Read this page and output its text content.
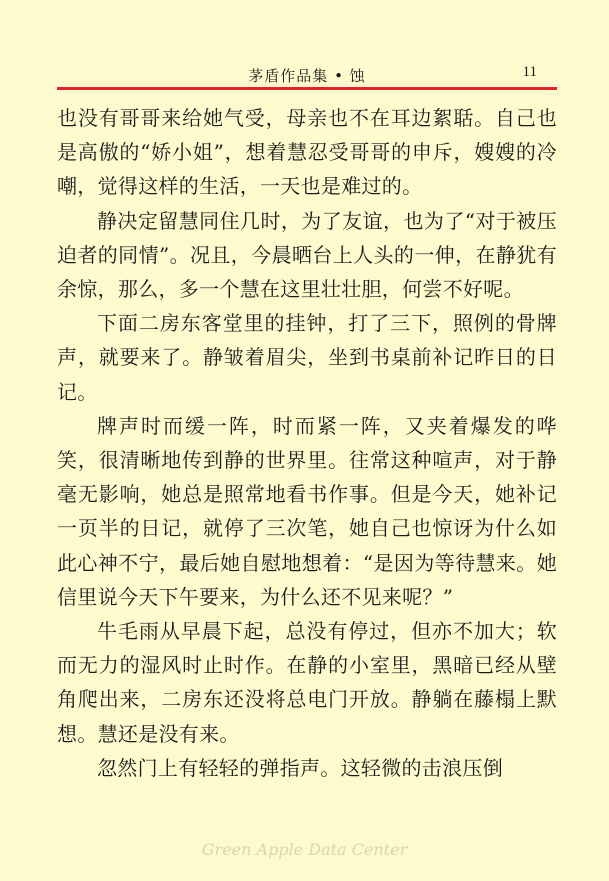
茅盾作品集 • 蚀	11

也没有哥哥来给她气受，母亲也不在耳边絮聒。自己也是高傲的“娇小姐”，想着慧忍受哥哥的申斥，嫂嫂的冷嘲，觉得这样的生活，一天也是难过的。

静决定留慧同住几时，为了友谊，也为了“对于被压迫者的同情”。况且，今晨晒台上人头的一伸，在静犹有余惊，那么，多一个慧在这里壮壮胆，何尝不好呢。

下面二房东客堂里的挂钟，打了三下，照例的骨牌声，就要来了。静皱着眉尖，坐到书桌前补记昨日的日记。

牌声时而缓一阵，时而紧一阵，又夹着爆发的哗笑，很清晰地传到静的世界里。往常这种喧声，对于静毫无影响，她总是照常地看书作事。但是今天，她补记一页半的日记，就停了三次笔，她自己也惊讶为什么如此心神不宁，最后她自慰地想着：“是因为等待慧来。她信里说今天下午要来，为什么还不见来呢？”

牛毛雨从早晨下起，总没有停过，但亦不加大；软而无力的湿风时止时作。在静的小室里，黑暗已经从壁角爬出来，二房东还没将总电门开放。静躺在藤榻上默想。慧还是没有来。

忽然门上有轻轻的弹指声。这轻微的击浪压倒

Green Apple Data Center
